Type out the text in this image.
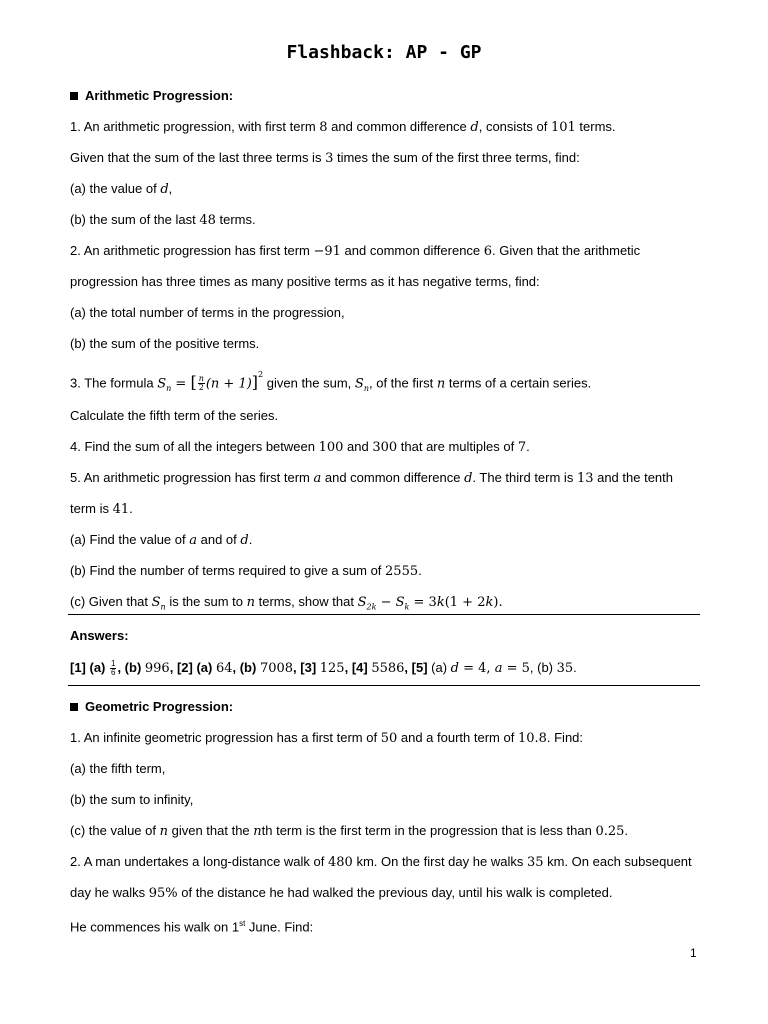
Flashback: AP - GP
Arithmetic Progression:
1. An arithmetic progression, with first term 8 and common difference d, consists of 101 terms.
Given that the sum of the last three terms is 3 times the sum of the first three terms, find:
(a) the value of d,
(b) the sum of the last 48 terms.
2. An arithmetic progression has first term −91 and common difference 6. Given that the arithmetic
progression has three times as many positive terms as it has negative terms, find:
(a) the total number of terms in the progression,
(b) the sum of the positive terms.
3. The formula $S_n$ = [ $\frac{n}{2} (n + 1)]^2$ given the sum, $S_n$, of the first n terms of a certain series.
Calculate the fifth term of the series.
4. Find the sum of all the integers between 100 and 300 that are multiples of 7.
5. An arithmetic progression has first term a and common difference d. The third term is 13 and the tenth
term is 41.
(a) Find the value of a and of d.
(b) Find the number of terms required to give a sum of 2555.
(c) Given that $S_n$ is the sum to n terms, show that $S_{2k} - S_k = 3k(1 + 2k)$.
Answers:
[1] $(a) \frac{1}{6}$ , (b) 996, [2] (a) 64, (b) 7008, [3] 125, [4] 5586, [5] (a) d = 4, a = 5, (b) 35.
Geometric Progression:
1. An infinite geometric progression has a first term of 50 and a fourth term of 10.8. Find:
(a) the fifth term,
(b) the sum to infinity,
(c) the value of n given that the nth term is the first term in the progression that is less than 0.25.
2. A man undertakes a long-distance walk of 480 km. On the first day he walks 35 km. On each subsequent
day he walks 95% of the distance he had walked the previous day, until his walk is completed.
He commences his walk on 1st June. Find:
1
